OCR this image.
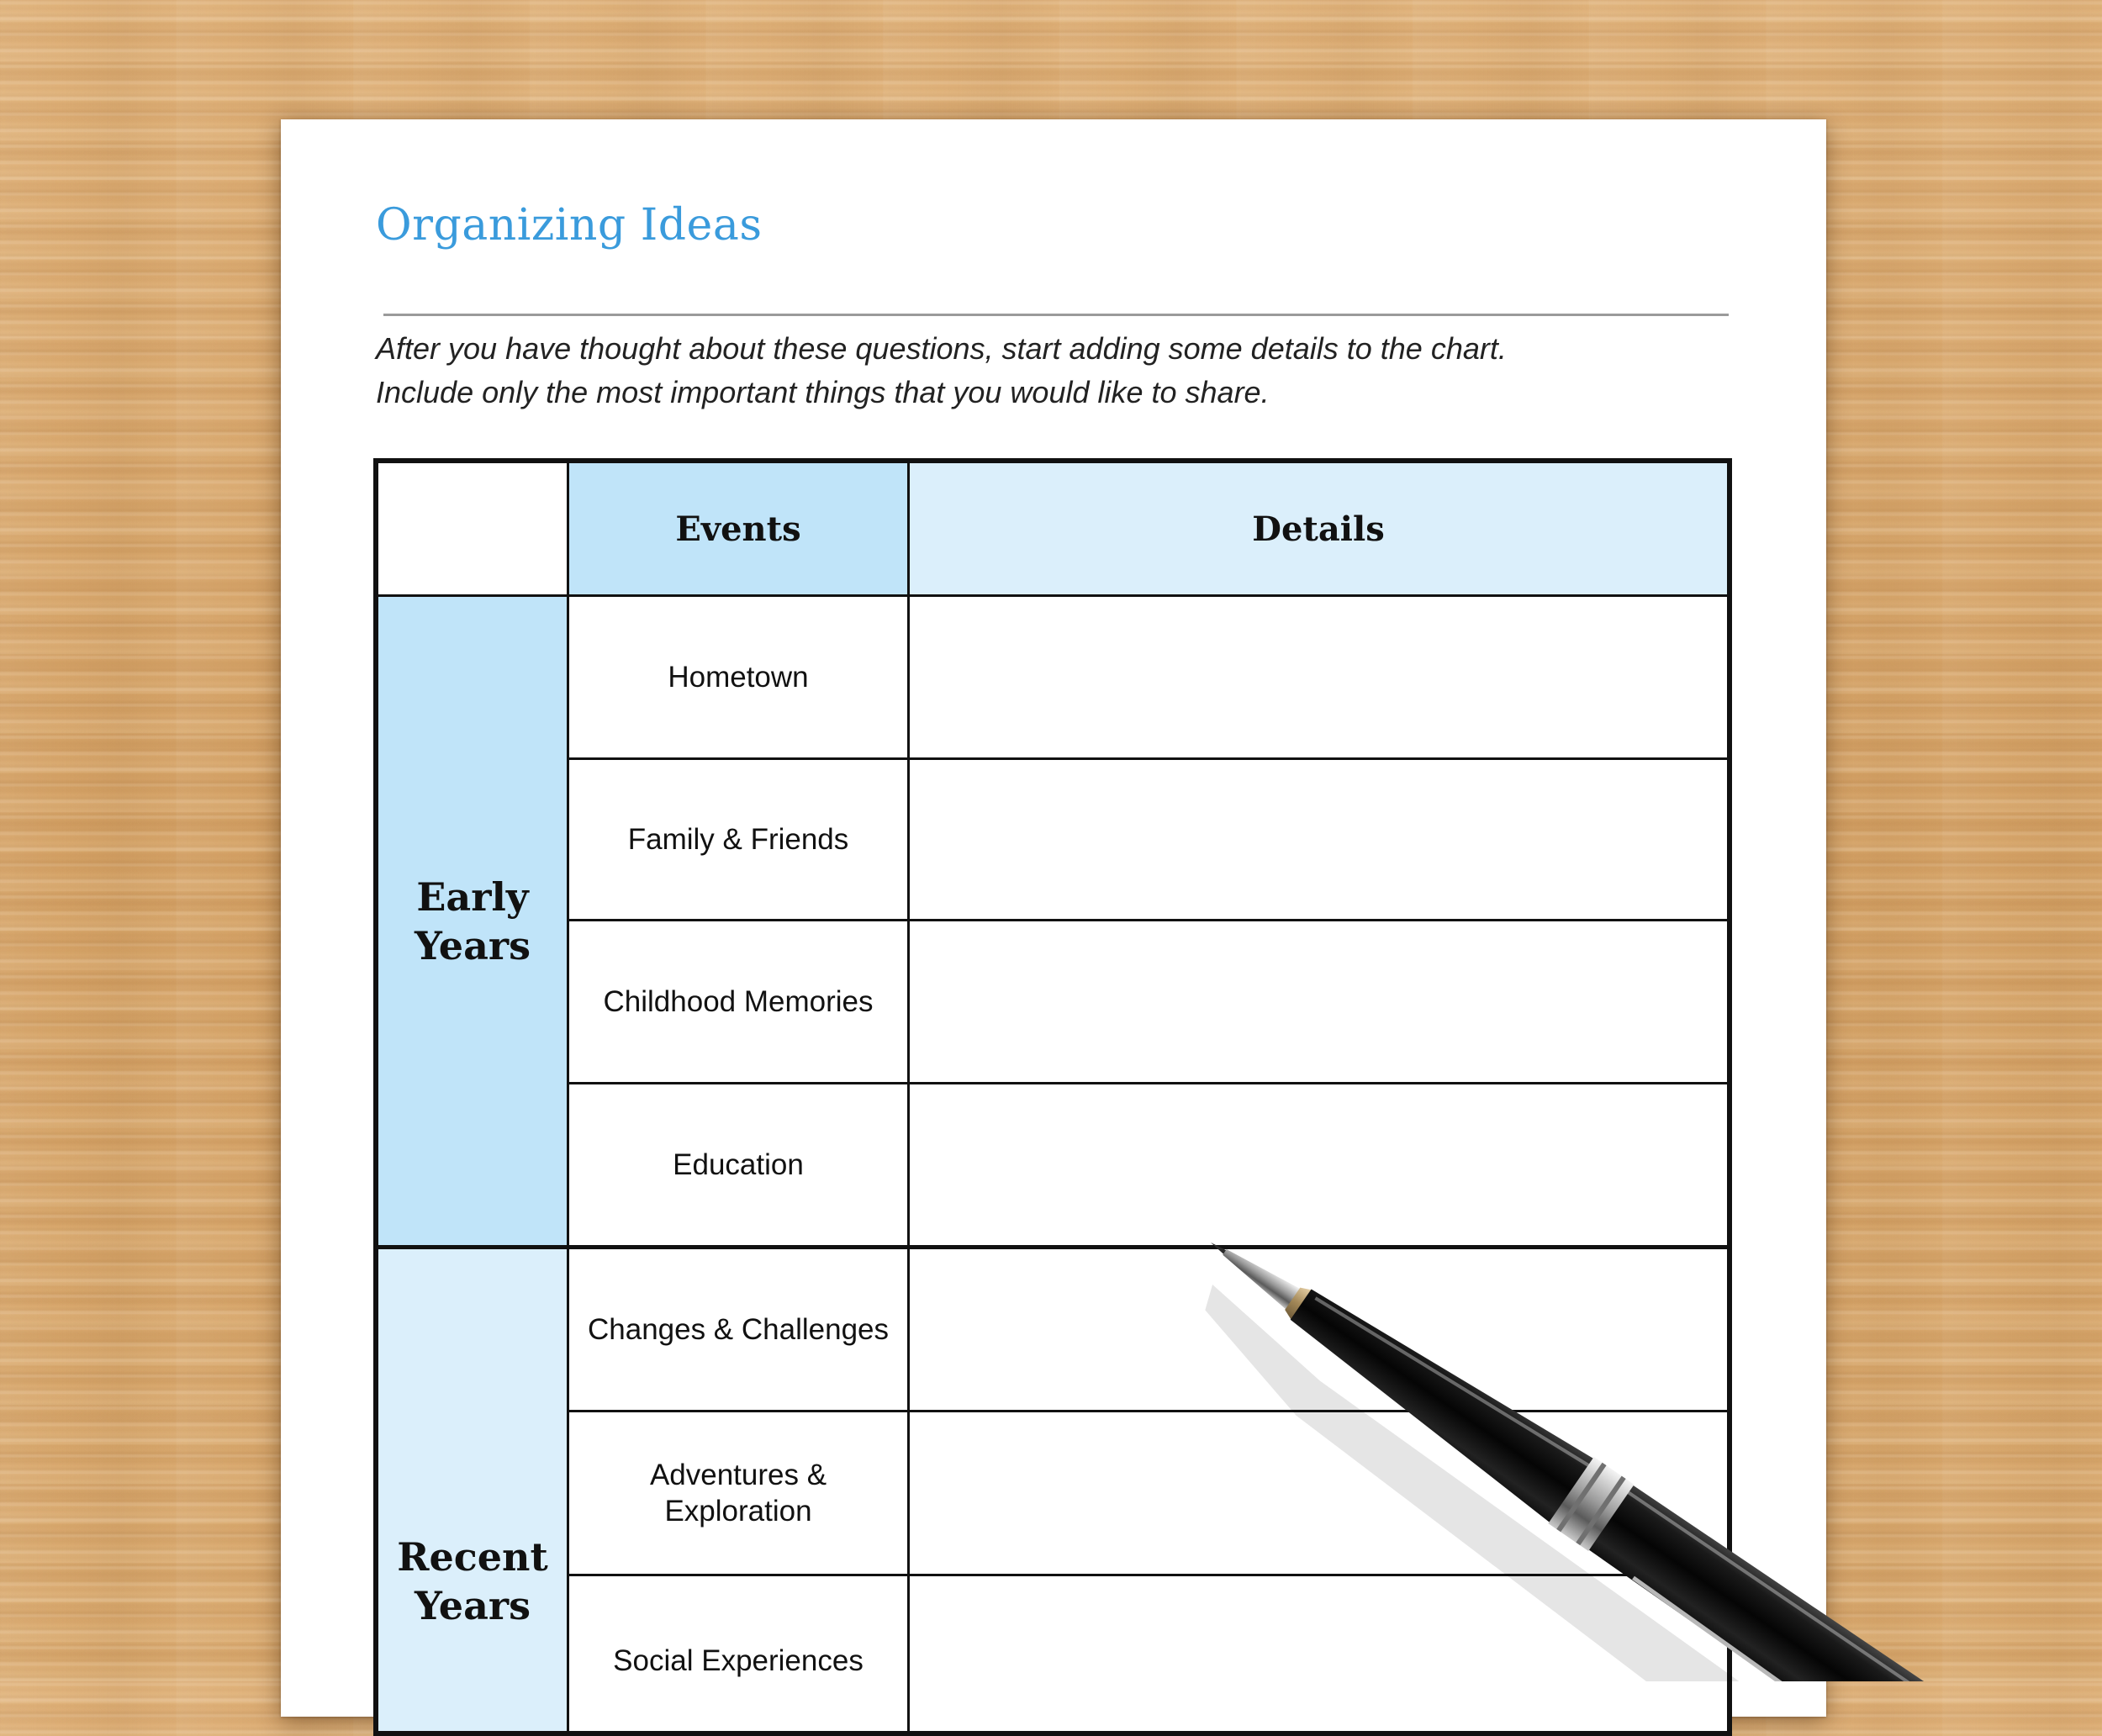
Organizing Ideas
After you have thought about these questions, start adding some details to the chart.
Include only the most important things that you would like to share.
Events	Details
Early
Years
Recent
Years
Hometown
Family & Friends
Childhood Memories
Education
Changes & Challenges
Adventures & Exploration
Social Experiences
